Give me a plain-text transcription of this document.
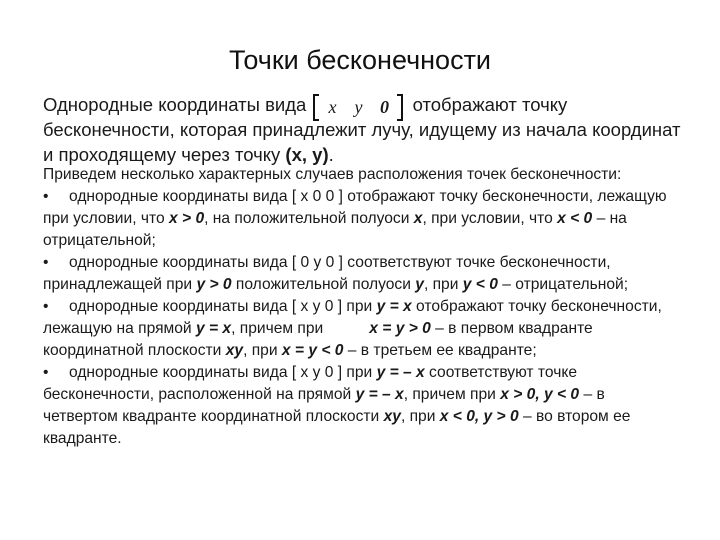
Точки бесконечности
Однородные координаты вида x y 0 отображают точку бесконечности, которая принадлежит лучу, идущему из начала координат и проходящему через точку (x, y).

Приведем несколько характерных случаев расположения точек бесконечности:

• однородные координаты вида [ x 0 0 ] отображают точку бесконечности, лежащую при условии, что x > 0, на положительной полуоси x, при условии, что x < 0 – на отрицательной;

• однородные координаты вида [ 0 y 0 ] соответствуют точке бесконечности, принадлежащей при y > 0 положительной полуоси y, при y < 0 – отрицательной;

• однородные координаты вида [ x y 0 ] при y = x отображают точку бесконечности, лежащую на прямой y = x, причем при	x = y > 0 – в первом квадранте координатной плоскости xy, при x = y < 0 – в третьем ее квадранте;

• однородные координаты вида [ x y 0 ] при y = – x соответствуют точке бесконечности, расположенной на прямой y = – x, причем при x > 0, y < 0 – в четвертом квадранте координатной плоскости xy, при x < 0, y > 0 – во втором ее квадранте.
